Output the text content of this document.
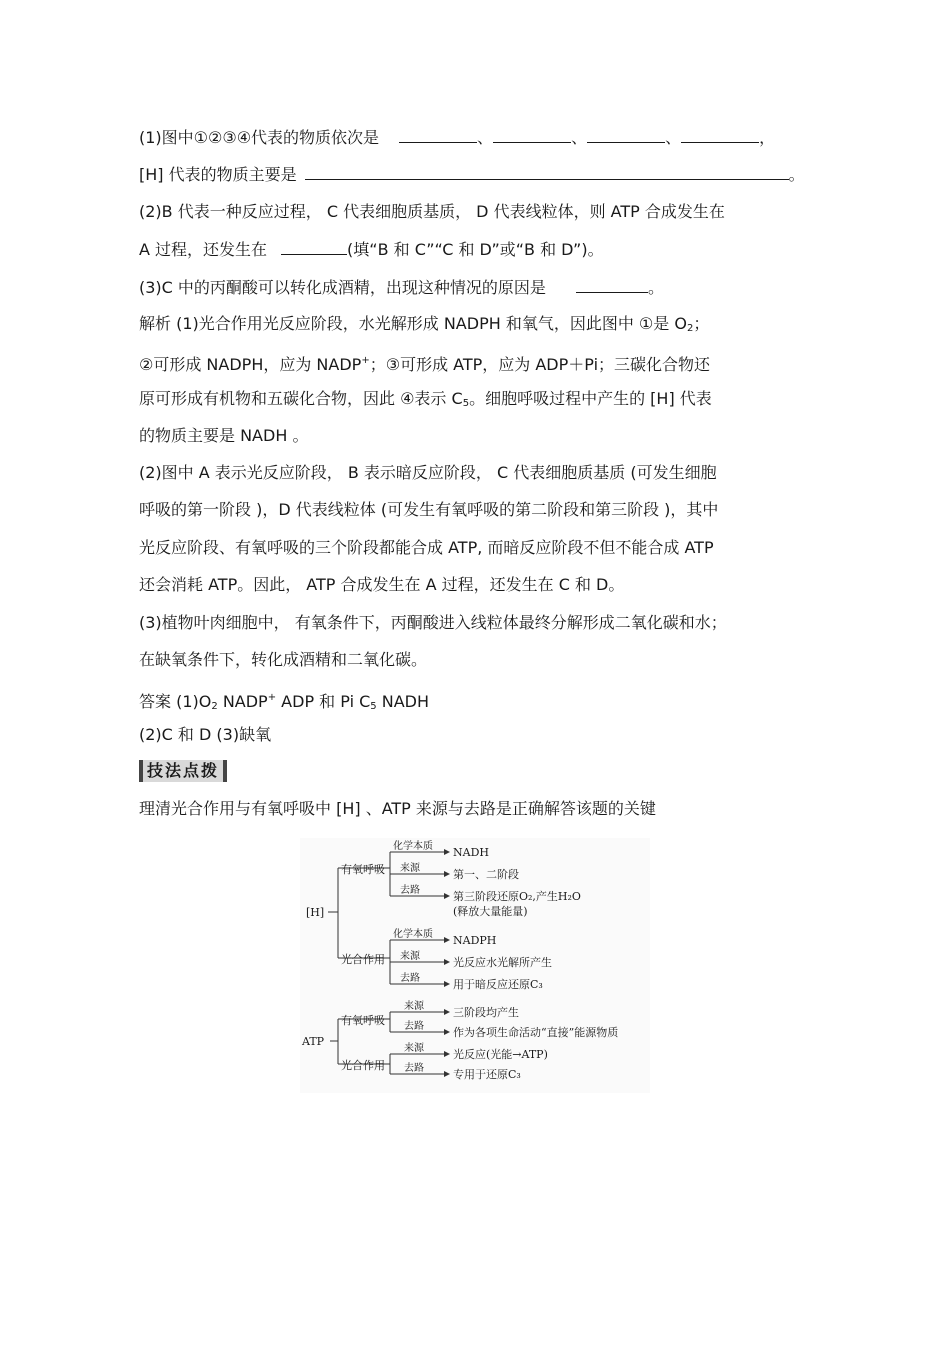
(1)图中①②③④代表的物质依次是	、	、	、	，
[H] 代表的物质主要是	。
(2)B 代表一种反应过程， C 代表细胞质基质， D 代表线粒体，则 ATP 合成发生在
A 过程，还发生在	(填“B 和 C”“C 和 D”或“B 和 D”)。
(3)C 中的丙酮酸可以转化成酒精，出现这种情况的原因是	。
解析 (1)光合作用光反应阶段，水光解形成 NADPH 和氧气，因此图中 ①是 $O_2$；
②可形成 NADPH，应为 NADP+；③可形成 ATP，应为 ADP＋Pi；三碳化合物还
原可形成有机物和五碳化合物，因此 ④表示 $C_5$。细胞呼吸过程中产生的 [H] 代表
的物质主要是 NADH 。
(2)图中 A 表示光反应阶段， B 表示暗反应阶段， C 代表细胞质基质 (可发生细胞
呼吸的第一阶段 )，D 代表线粒体 (可发生有氧呼吸的第二阶段和第三阶段 )，其中
光反应阶段、有氧呼吸的三个阶段都能合成 ATP, 而暗反应阶段不但不能合成 ATP
还会消耗 ATP。因此， ATP 合成发生在 A 过程，还发生在 C 和 D。
(3)植物叶肉细胞中， 有氧条件下，丙酮酸进入线粒体最终分解形成二氧化碳和水；
在缺氧条件下，转化成酒精和二氧化碳。
答案 $(1)O_2$ NADP+ ADP 和 Pi $C_5$ NADH
(2)C 和 D (3)缺氧
技法点拨
理清光合作用与有氧呼吸中 [H] 、ATP 来源与去路是正确解答该题的关键
[H]
有氧呼吸
光合作用
化学本质
来源
去路
NADH
第一、二阶段
第三阶段还原O₂,产生H₂O
(释放大量能量)
化学本质
来源
去路
NADPH
光反应水光解所产生
用于暗反应还原C₃
ATP
有氧呼吸
光合作用
来源
去路
三阶段均产生
作为各项生命活动“直接”能源物质
来源
去路
光反应(光能→ATP)
专用于还原C₃
